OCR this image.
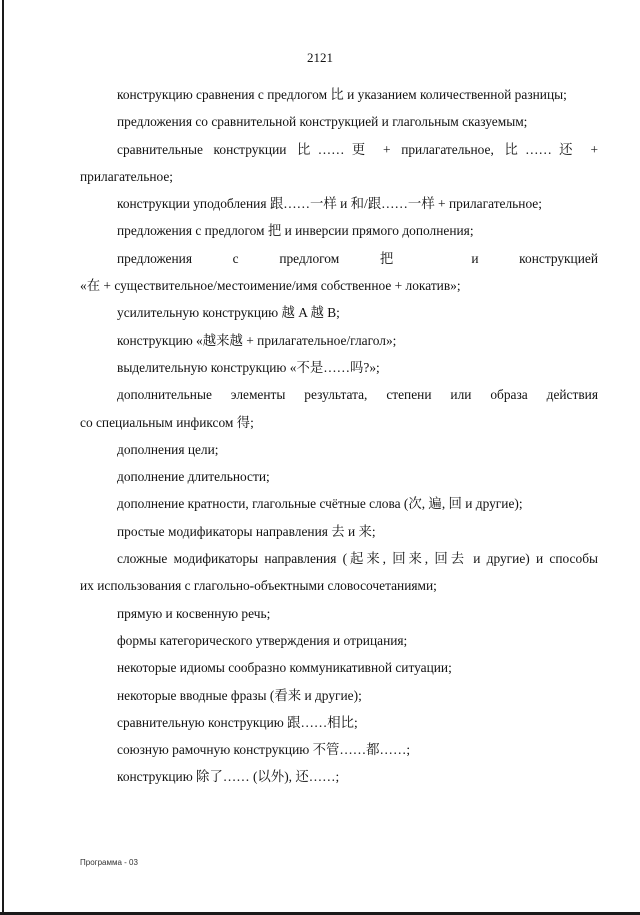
2121
конструкцию сравнения с предлогом 比 и указанием количественной разницы;
предложения со сравнительной конструкцией и глагольным сказуемым;
сравнительные конструкции 比……更 + прилагательное, 比……还 +
прилагательное;
конструкции уподобления 跟……一样 и 和/跟……一样 + прилагательное;
предложения с предлогом 把 и инверсии прямого дополнения;
предложения с предлогом 把 и конструкцией
«在 + существительное/местоимение/имя собственное + локатив»;
усилительную конструкцию 越 A 越 B;
конструкцию «越来越 + прилагательное/глагол»;
выделительную конструкцию «不是……吗?»;
дополнительные элементы результата, степени или образа действия
со специальным инфиксом 得;
дополнения цели;
дополнение длительности;
дополнение кратности, глагольные счётные слова (次, 遍, 回 и другие);
простые модификаторы направления 去 и 来;
сложные модификаторы направления (起来, 回来, 回去 и другие) и способы
их использования с глагольно-объектными словосочетаниями;
прямую и косвенную речь;
формы категорического утверждения и отрицания;
некоторые идиомы сообразно коммуникативной ситуации;
некоторые вводные фразы (看来 и другие);
сравнительную конструкцию 跟……相比;
союзную рамочную конструкцию 不管……都……;
конструкцию 除了…… (以外), 还……;
Программа - 03
